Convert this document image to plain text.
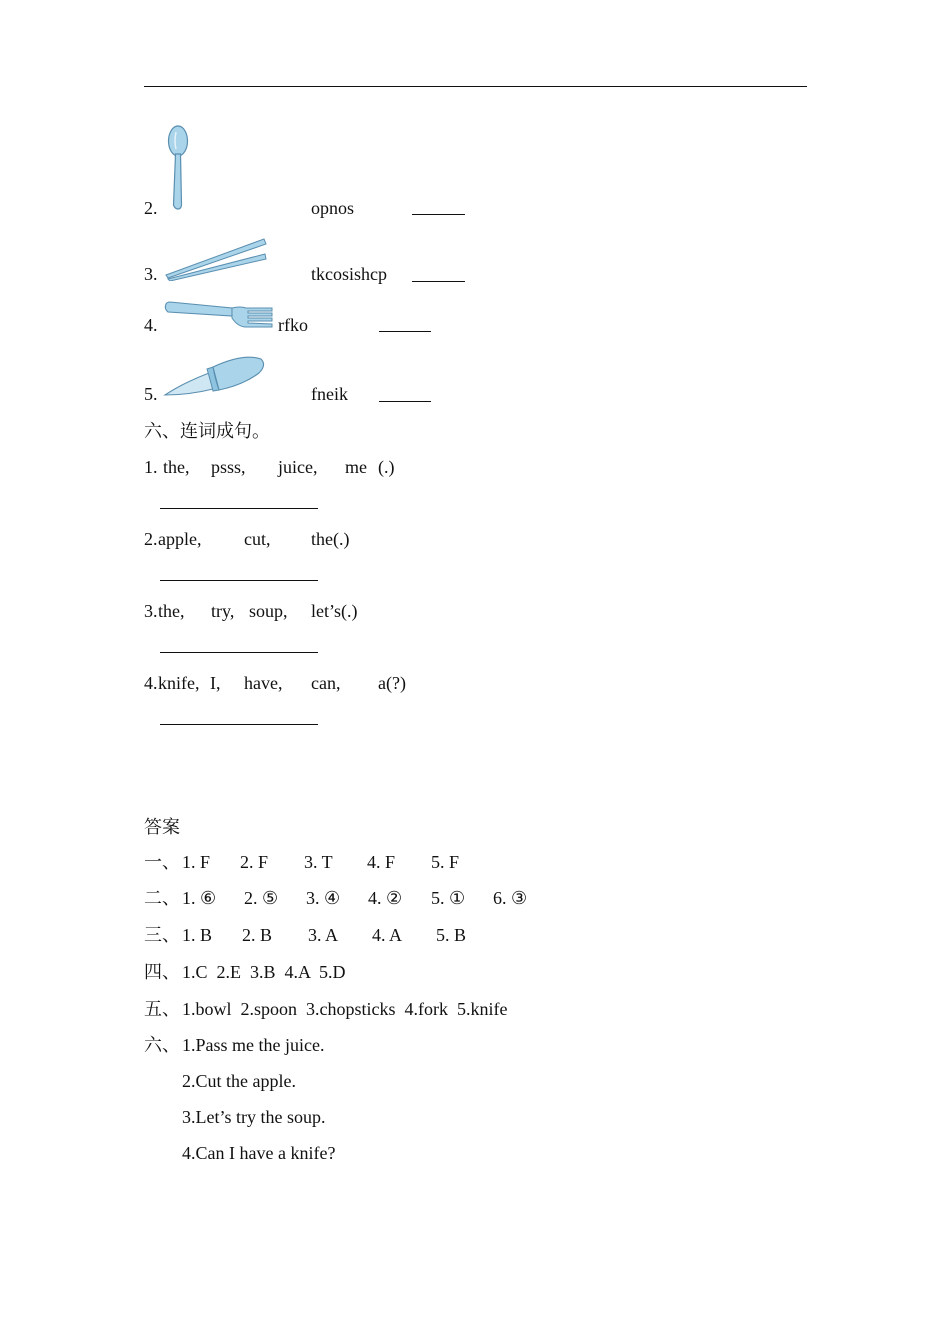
2.	opnos
3.	tkcosishcp
4.	rfko
5.	fneik
六、连词成句。
1. the, psss, juice, me (.)
2. apple, cut, the(.)
3. the, try, soup, let’s(.)
4. knife, I, have, can, a(?)
答案
一、 1. F 2. F 3. T 4. F 5. F
二、 1. ⑥ 2. ⑤ 3. ④ 4. ② 5. ① 6. ③
三、 1. B 2. B 3. A 4. A 5. B
四、 1.C  2.E  3.B  4.A  5.D
五、 1.bowl  2.spoon  3.chopsticks  4.fork  5.knife
六、 1.Pass me the juice.
2.Cut the apple.
3.Let’s try the soup.
4.Can I have a knife?
